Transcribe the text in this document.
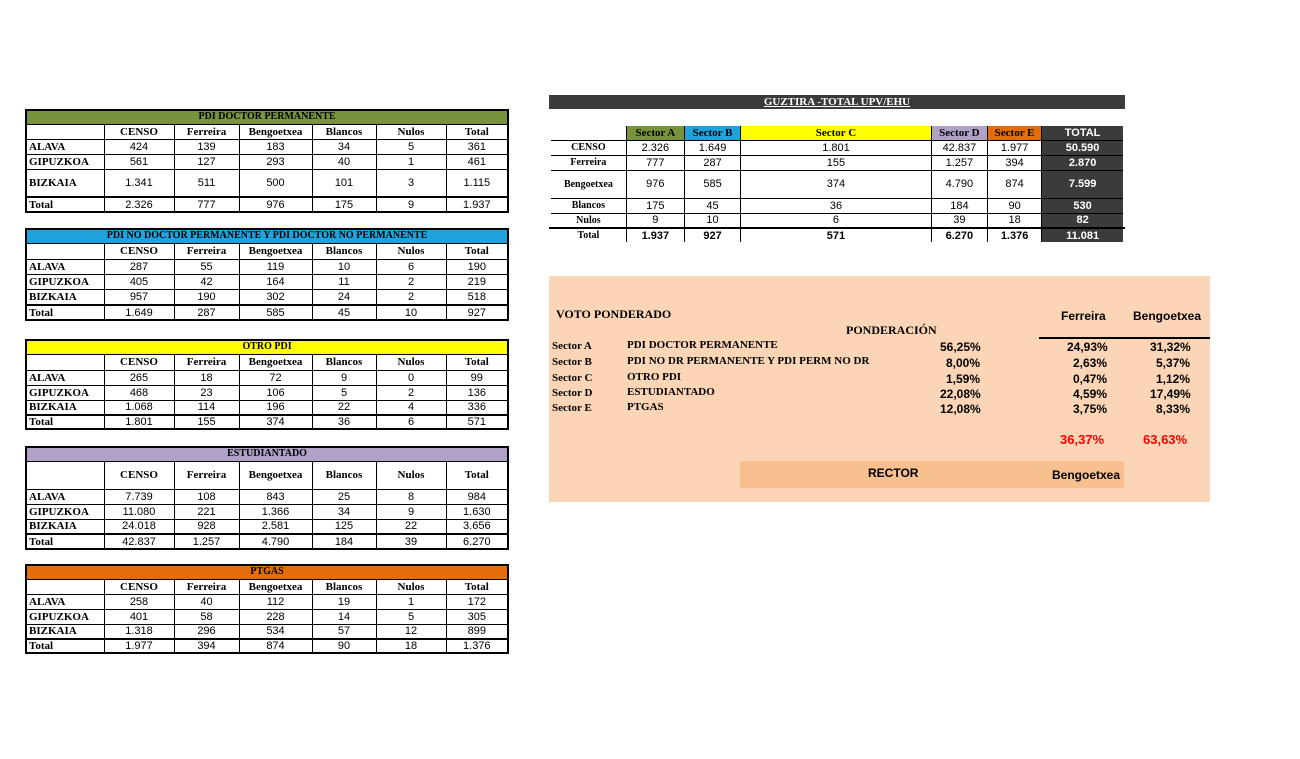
PDI DOCTOR PERMANENTE						
	CENSO	Ferreira	Bengoetxea	Blancos	Nulos	Total
ALAVA	424	139	183	34	5	361
GIPUZKOA	561	127	293	40	1	461
BIZKAIA	1.341	511	500	101	3	1.115
Total	2.326	777	976	175	9	1.937
PDI NO DOCTOR PERMANENTE Y PDI DOCTOR NO PERMANENTE						
	CENSO	Ferreira	Bengoetxea	Blancos	Nulos	Total
ALAVA	287	55	119	10	6	190
GIPUZKOA	405	42	164	11	2	219
BIZKAIA	957	190	302	24	2	518
Total	1.649	287	585	45	10	927
OTRO PDI						
	CENSO	Ferreira	Bengoetxea	Blancos	Nulos	Total
ALAVA	265	18	72	9	0	99
GIPUZKOA	468	23	106	5	2	136
BIZKAIA	1.068	114	196	22	4	336
Total	1.801	155	374	36	6	571
ESTUDIANTADO						
	CENSO	Ferreira	Bengoetxea	Blancos	Nulos	Total
ALAVA	7.739	108	843	25	8	984
GIPUZKOA	11.080	221	1.366	34	9	1.630
BIZKAIA	24.018	928	2.581	125	22	3.656
Total	42.837	1.257	4.790	184	39	6.270
PTGAS						
	CENSO	Ferreira	Bengoetxea	Blancos	Nulos	Total
ALAVA	258	40	112	19	1	172
GIPUZKOA	401	58	228	14	5	305
BIZKAIA	1.318	296	534	57	12	899
Total	1.977	394	874	90	18	1.376
GUZTIRA -TOTAL UPV/EHU
	Sector A	Sector B	Sector C	Sector D	Sector E	TOTAL
CENSO	2.326	1.649	1.801	42.837	1.977	50.590
Ferreira	777	287	155	1.257	394	2.870
Bengoetxea	976	585	374	4.790	874	7.599
Blancos	175	45	36	184	90	530
Nulos	9	10	6	39	18	82
Total	1.937	927	571	6.270	1.376	11.081
VOTO PONDERADO
PONDERACIÓN
Ferreira Bengoetxea
Sector A	PDI DOCTOR PERMANENTE	56,25%	24,93%	31,32%
Sector B	PDI NO DR PERMANENTE Y PDI PERM NO DR	8,00%	2,63%	5,37%
Sector C	OTRO PDI	1,59%	0,47%	1,12%
Sector D	ESTUDIANTADO	22,08%	4,59%	17,49%
Sector E	PTGAS	12,08%	3,75%	8,33%
36,37%	63,63%
RECTOR	Bengoetxea
